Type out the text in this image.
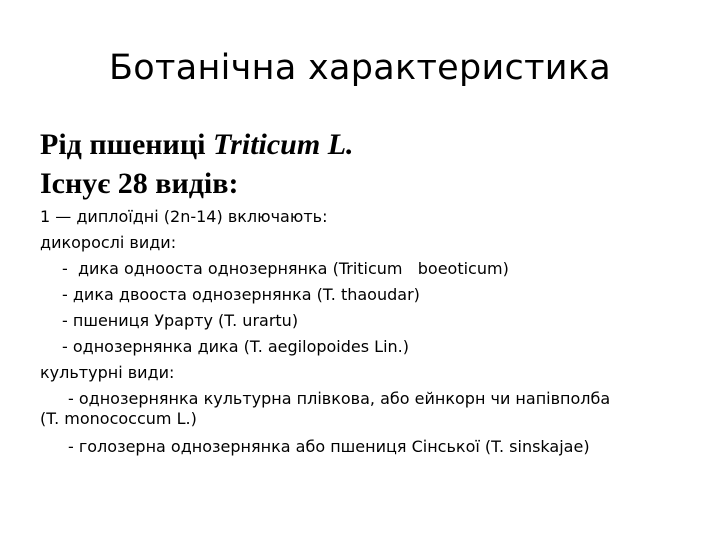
Ботанічна характеристика
Рід пшениці Triticum L.
Існує 28 видів:
1 — диплоїдні (2n-14) включають:
дикорослі види:
-  дика однооста однозернянка (Triticum   boeoticum)
- дика двооста однозернянка (T. thaoudar)
- пшениця Урарту (T. urartu)
- однозернянка дика (T. aegilopoides Lin.)
культурні види:
- однозернянка культурна плівкова, або ейнкорн чи напівполба
(T. monococcum L.)
- голозерна однозернянка або пшениця Сінської (T. sinskajae)
